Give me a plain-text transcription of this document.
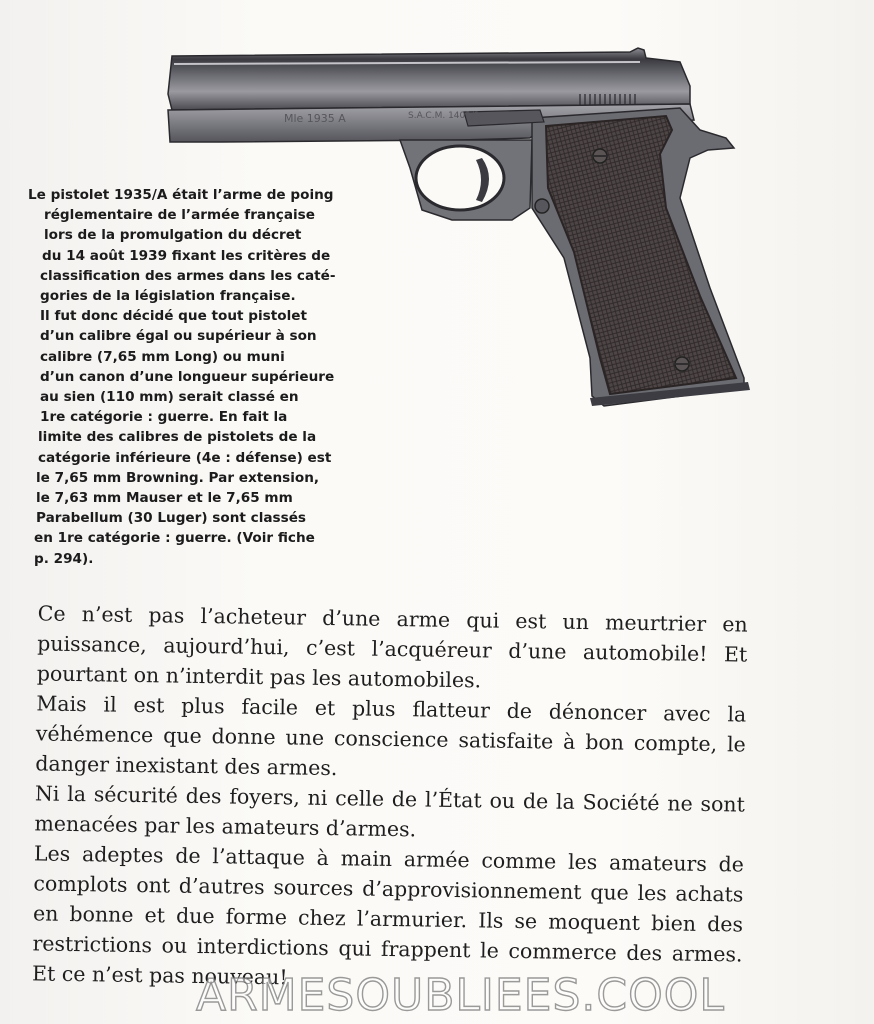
Mle 1935 A	S.A.C.M. 1401/1
Le pistolet 1935/A était l’arme de poing
réglementaire de l’armée française
lors de la promulgation du décret
du 14 août 1939 fixant les critères de
classification des armes dans les caté-
gories de la législation française.
Il fut donc décidé que tout pistolet
d’un calibre égal ou supérieur à son
calibre (7,65 mm Long) ou muni
d’un canon d’une longueur supérieure
au sien (110 mm) serait classé en
1re catégorie : guerre. En fait la
limite des calibres de pistolets de la
catégorie inférieure (4e : défense) est
le 7,65 mm Browning. Par extension,
le 7,63 mm Mauser et le 7,65 mm
Parabellum (30 Luger) sont classés
en 1re catégorie : guerre. (Voir fiche
p. 294).

Ce n’est pas l’acheteur d’une arme qui est un meurtrier en puissance, aujourd’hui, c’est l’acquéreur d’une automobile! Et pourtant on n’interdit pas les automobiles.

Mais il est plus facile et plus flatteur de dénoncer avec la véhémence que donne une conscience satisfaite à bon compte, le danger inexistant des armes.

Ni la sécurité des foyers, ni celle de l’État ou de la Société ne sont menacées par les amateurs d’armes.

Les adeptes de l’attaque à main armée comme les amateurs de complots ont d’autres sources d’approvisionnement que les achats en bonne et due forme chez l’armurier. Ils se moquent bien des restrictions ou interdictions qui frappent le commerce des armes. Et ce n’est pas nouveau!

ARMESOUBLIEES.COOL
